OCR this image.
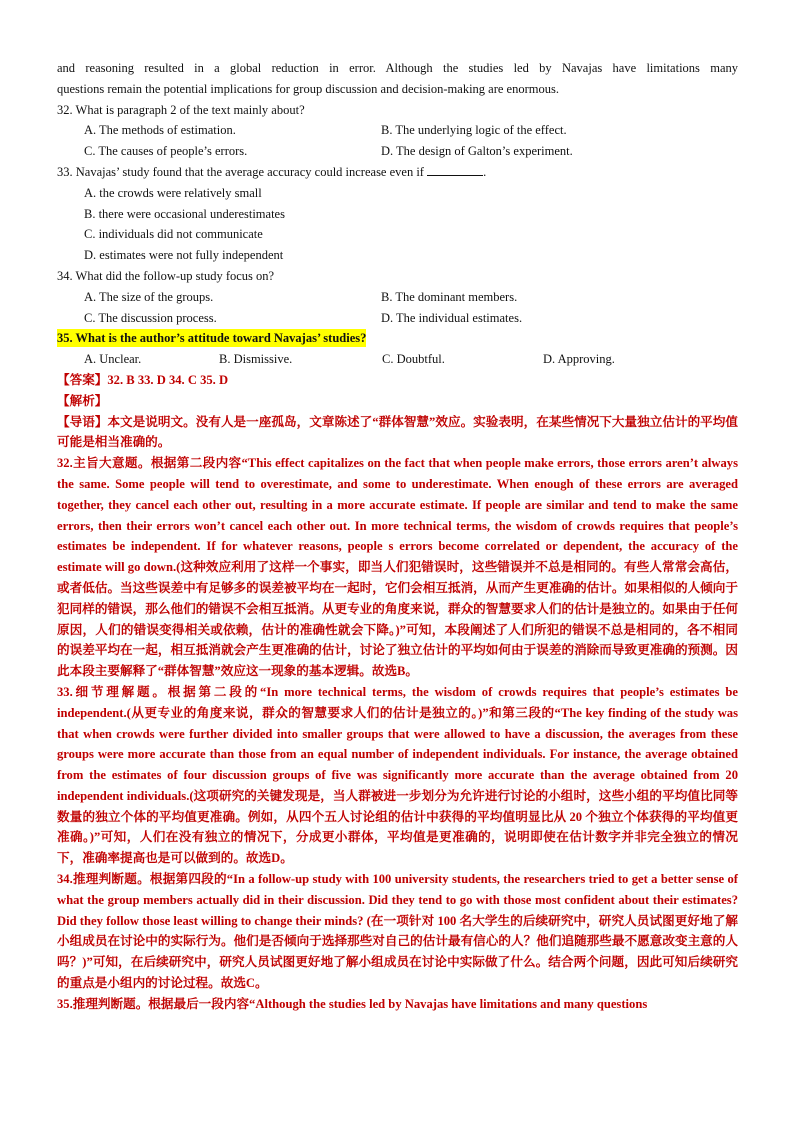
and reasoning resulted in a global reduction in error. Although the studies led by Navajas have limitations many
questions remain the potential implications for group discussion and decision-making are enormous.
32. What is paragraph 2 of the text mainly about?
A. The methods of estimation.	B. The underlying logic of the effect.
C. The causes of people’s errors.	D. The design of Galton’s experiment.
33. Navajas’ study found that the average accuracy could increase even if	.
A. the crowds were relatively small
B. there were occasional underestimates
C. individuals did not communicate
D. estimates were not fully independent
34. What did the follow-up study focus on?
A. The size of the groups.	B. The dominant members.
C. The discussion process.	D. The individual estimates.
35. What is the author’s attitude toward Navajas’ studies?
A. Unclear.	B. Dismissive.	C. Doubtful.	D. Approving.
【答案】32. B 33. D 34. C 35. D
【解析】
【导语】本文是说明文。没有人是一座孤岛，文章陈述了“群体智慧”效应。实验表明，在某些情况下大量独立估计的平均值可能是相当准确的。
32.主旨大意题。根据第二段内容“This effect capitalizes on the fact that when people make errors, those errors aren’t always the same. Some people will tend to overestimate, and some to underestimate. When enough of these errors are averaged together, they cancel each other out, resulting in a more accurate estimate. If people are similar and tend to make the same errors, then their errors won’t cancel each other out. In more technical terms, the wisdom of crowds requires that people’s estimates be independent. If for whatever reasons, people s errors become correlated or dependent, the accuracy of the estimate will go down.(这种效应利用了这样一个事实，即当人们犯错误时，这些错误并不总是相同的。有些人常常会高估，或者低估。当这些误差中有足够多的误差被平均在一起时，它们会相互抵消，从而产生更准确的估计。如果相似的人倾向于犯同样的错误，那么他们的错误不会相互抵消。从更专业的角度来说，群众的智慧要求人们的估计是独立的。如果由于任何原因，人们的错误变得相关或依赖，估计的准确性就会下降。)”可知，本段阐述了人们所犯的错误不总是相同的，各不相同的误差平均在一起，相互抵消就会产生更准确的估计，讨论了独立估计的平均如何由于误差的消除而导致更准确的预测。因此本段主要解释了“群体智慧”效应这一现象的基本逻辑。故选B。
33.细节理解题。根据第二段的“In more technical terms, the wisdom of crowds requires that people’s estimates be independent.(从更专业的角度来说，群众的智慧要求人们的估计是独立的。)”和第三段的“The key finding of the study was that when crowds were further divided into smaller groups that were allowed to have a discussion, the averages from these groups were more accurate than those from an equal number of independent individuals. For instance, the average obtained from the estimates of four discussion groups of five was significantly more accurate than the average obtained from 20 independent individuals.(这项研究的关键发现是，当人群被进一步划分为允许进行讨论的小组时，这些小组的平均值比同等数量的独立个体的平均值更准确。例如，从四个五人讨论组的估计中获得的平均值明显比从 20 个独立个体获得的平均值更准确。)”可知，人们在没有独立的情况下，分成更小群体，平均值是更准确的，说明即使在估计数字并非完全独立的情况下，准确率提高也是可以做到的。故选D。
34.推理判断题。根据第四段的“In a follow-up study with 100 university students, the researchers tried to get a better sense of what the group members actually did in their discussion. Did they tend to go with those most confident about their estimates? Did they follow those least willing to change their minds? (在一项针对 100 名大学生的后续研究中，研究人员试图更好地了解小组成员在讨论中的实际行为。他们是否倾向于选择那些对自己的估计最有信心的人？他们追随那些最不愿意改变主意的人吗？)”可知，在后续研究中，研究人员试图更好地了解小组成员在讨论中实际做了什么。结合两个问题，因此可知后续研究的重点是小组内的讨论过程。故选C。
35.推理判断题。根据最后一段内容“Although the studies led by Navajas have limitations and many questions
